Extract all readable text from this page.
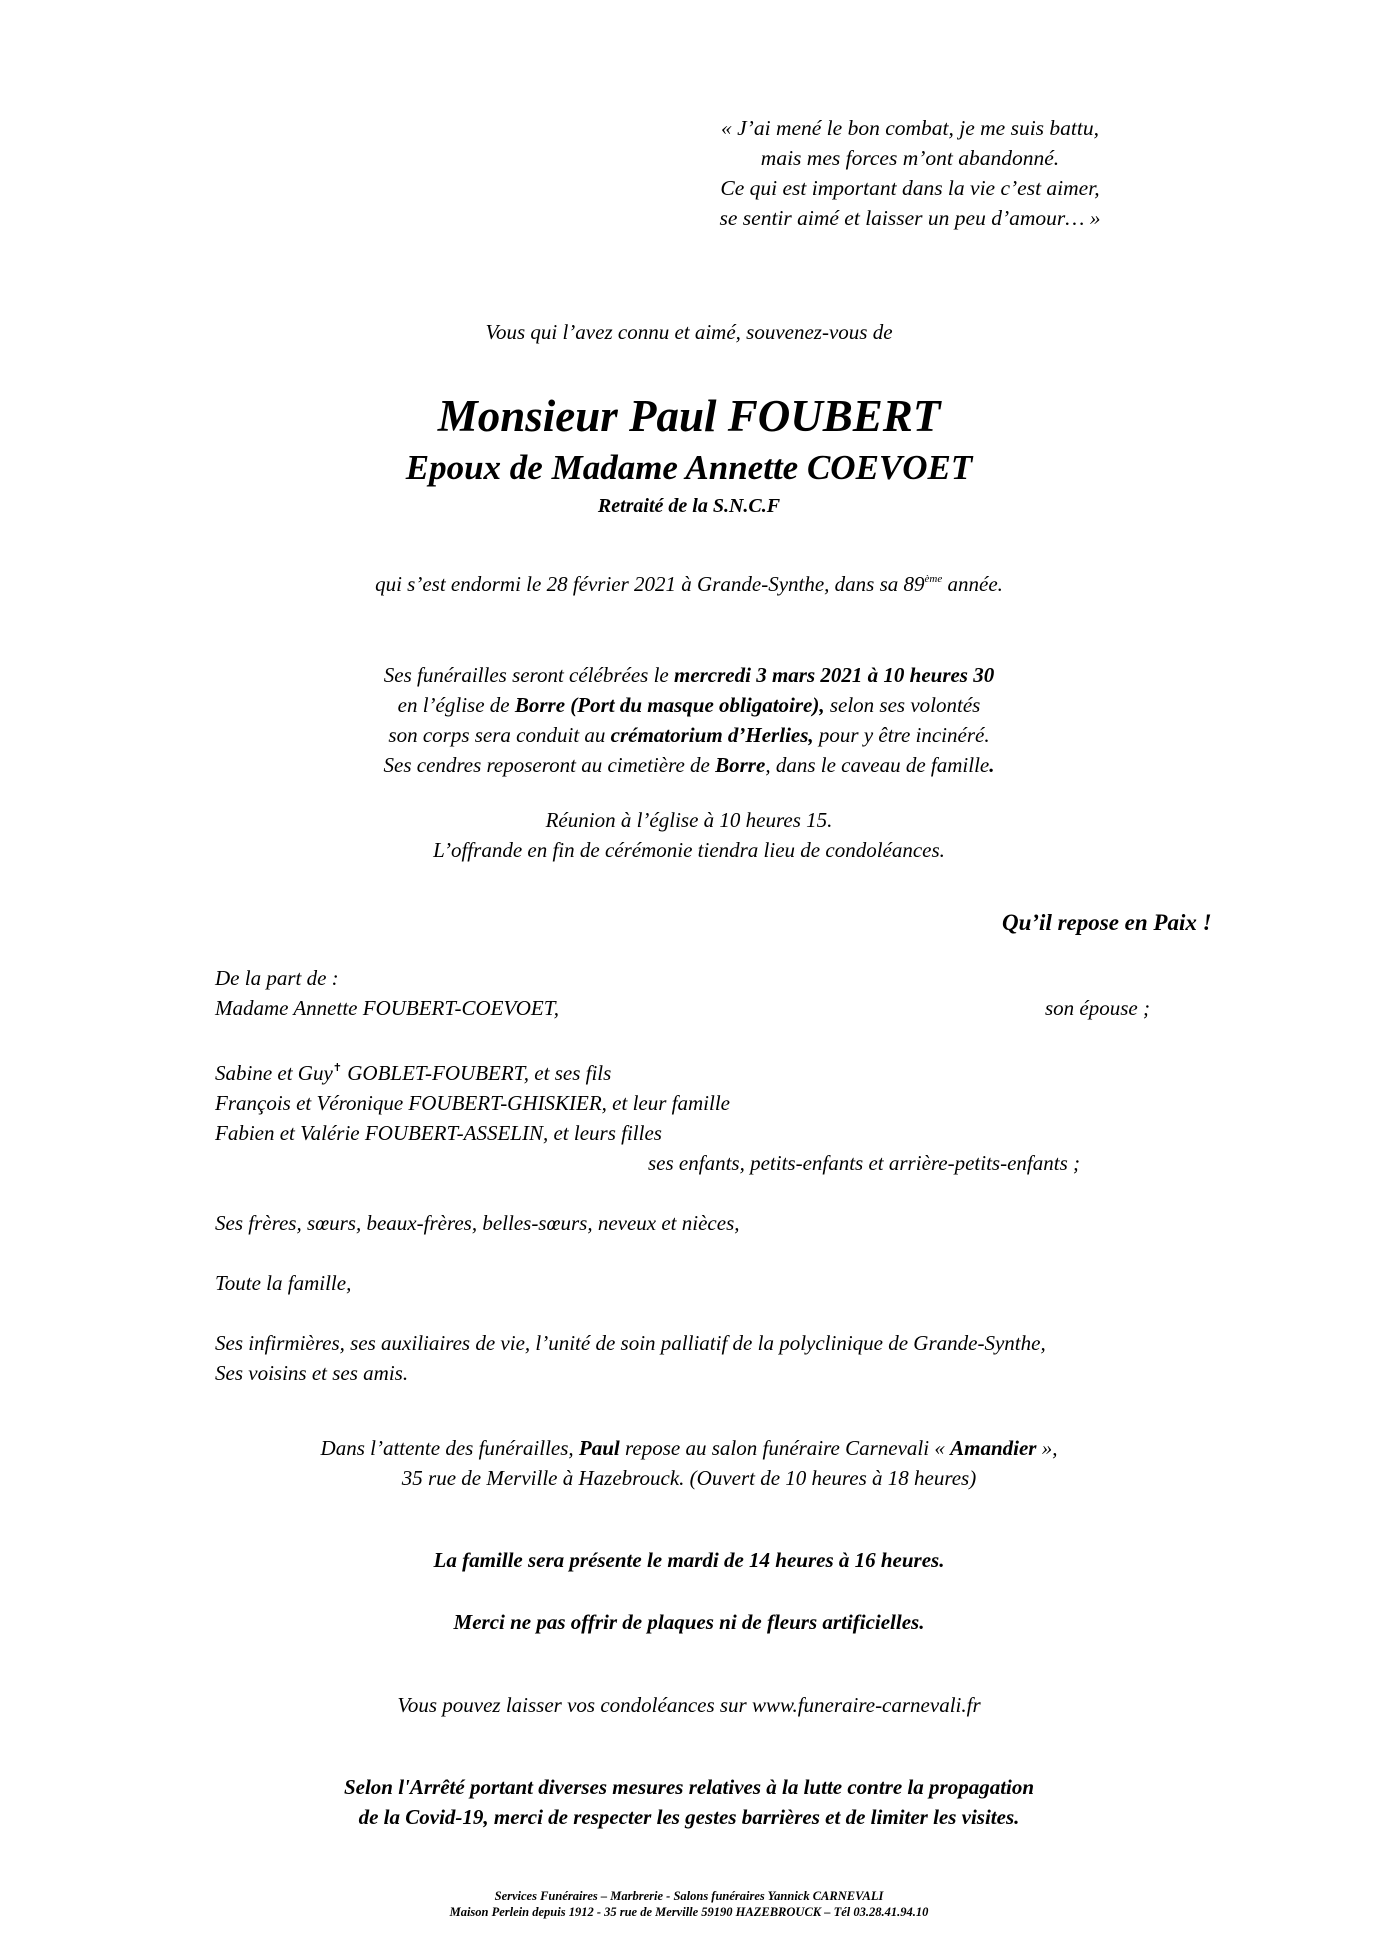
« J’ai mené le bon combat, je me suis battu,
mais mes forces m’ont abandonné.
Ce qui est important dans la vie c’est aimer,
se sentir aimé et laisser un peu d’amour… »
Vous qui l’avez connu et aimé, souvenez-vous de
Monsieur Paul FOUBERT
Epoux de Madame Annette COEVOET
Retraité de la S.N.C.F
qui s’est endormi le 28 février 2021 à Grande-Synthe, dans sa 89ème année.
Ses funérailles seront célébrées le mercredi 3 mars 2021 à 10 heures 30
en l’église de Borre (Port du masque obligatoire), selon ses volontés
son corps sera conduit au crématorium d’Herlies, pour y être incinéré.
Ses cendres reposeront au cimetière de Borre, dans le caveau de famille.
Réunion à l’église à 10 heures 15.
L’offrande en fin de cérémonie tiendra lieu de condoléances.
Qu’il repose en Paix !
De la part de :
Madame Annette FOUBERT-COEVOET,	son épouse ;
Sabine et Guy✝ GOBLET-FOUBERT, et ses fils
François et Véronique FOUBERT-GHISKIER, et leur famille
Fabien et Valérie FOUBERT-ASSELIN, et leurs filles
ses enfants, petits-enfants et arrière-petits-enfants ;
Ses frères, sœurs, beaux-frères, belles-sœurs, neveux et nièces,
Toute la famille,
Ses infirmières, ses auxiliaires de vie, l’unité de soin palliatif de la polyclinique de Grande-Synthe,
Ses voisins et ses amis.
Dans l’attente des funérailles, Paul repose au salon funéraire Carnevali « Amandier »,
35 rue de Merville à Hazebrouck. (Ouvert de 10 heures à 18 heures)
La famille sera présente le mardi de 14 heures à 16 heures.
Merci ne pas offrir de plaques ni de fleurs artificielles.
Vous pouvez laisser vos condoléances sur www.funeraire-carnevali.fr
Selon l'Arrêté portant diverses mesures relatives à la lutte contre la propagation
de la Covid-19, merci de respecter les gestes barrières et de limiter les visites.
Services Funéraires – Marbrerie - Salons funéraires Yannick CARNEVALI
Maison Perlein depuis 1912 - 35 rue de Merville 59190 HAZEBROUCK – Tél 03.28.41.94.10
